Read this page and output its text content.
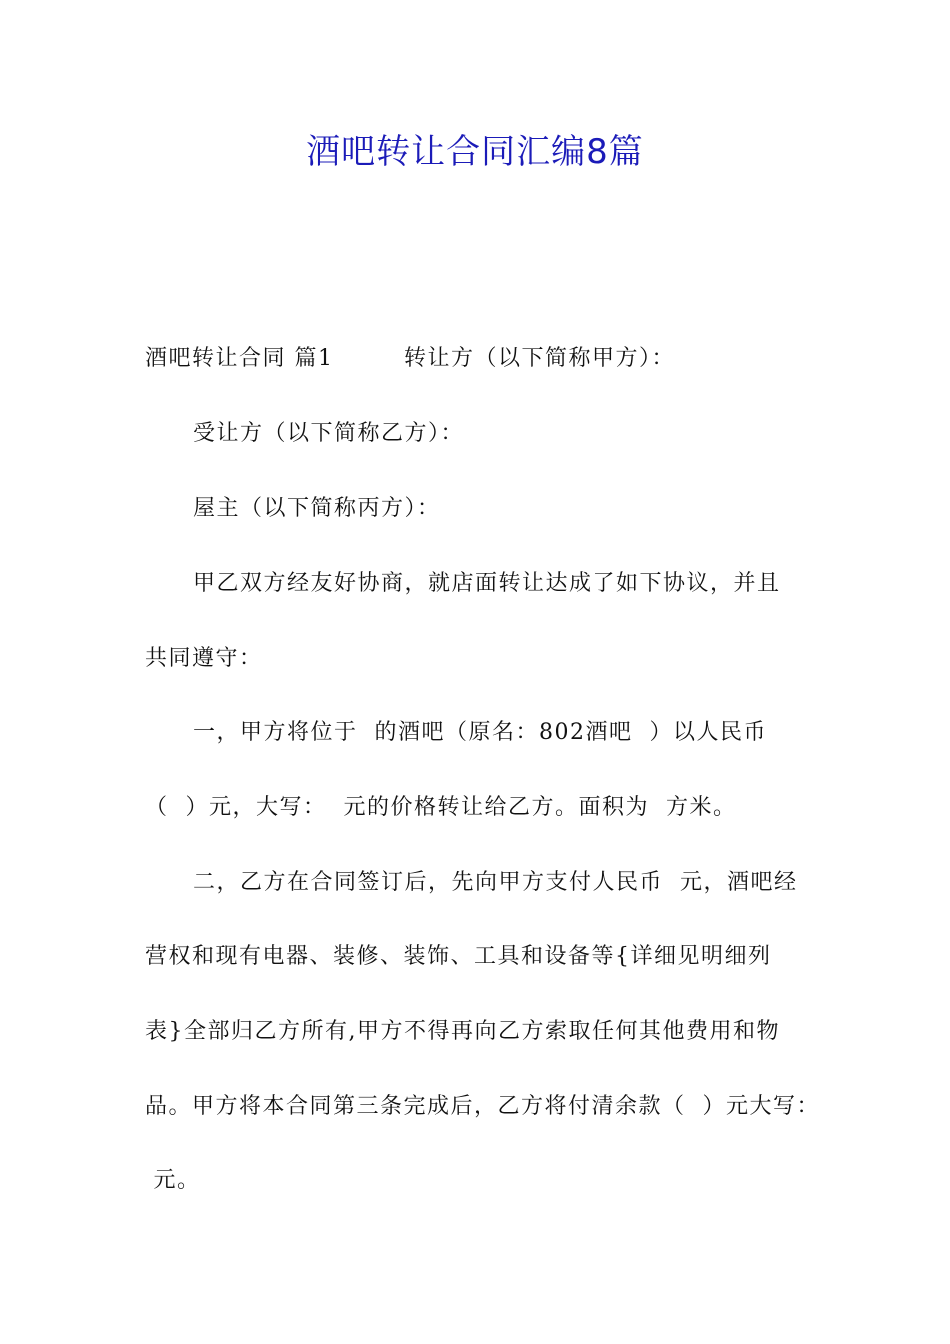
酒吧转让合同汇编8篇
酒吧转让合同 篇1　　　转让方（以下简称甲方）：
受让方（以下简称乙方）：
屋主（以下简称丙方）：
甲乙双方经友好协商，就店面转让达成了如下协议，并且
共同遵守：
一，甲方将位于  的酒吧（原名：802酒吧  ）以人民币
（  ）元，大写：  元的价格转让给乙方。面积为  方米。
二，乙方在合同签订后，先向甲方支付人民币  元，酒吧经
营权和现有电器、装修、装饰、工具和设备等{详细见明细列
表}全部归乙方所有,甲方不得再向乙方索取任何其他费用和物
品。甲方将本合同第三条完成后，乙方将付清余款（  ）元大写：
元。
